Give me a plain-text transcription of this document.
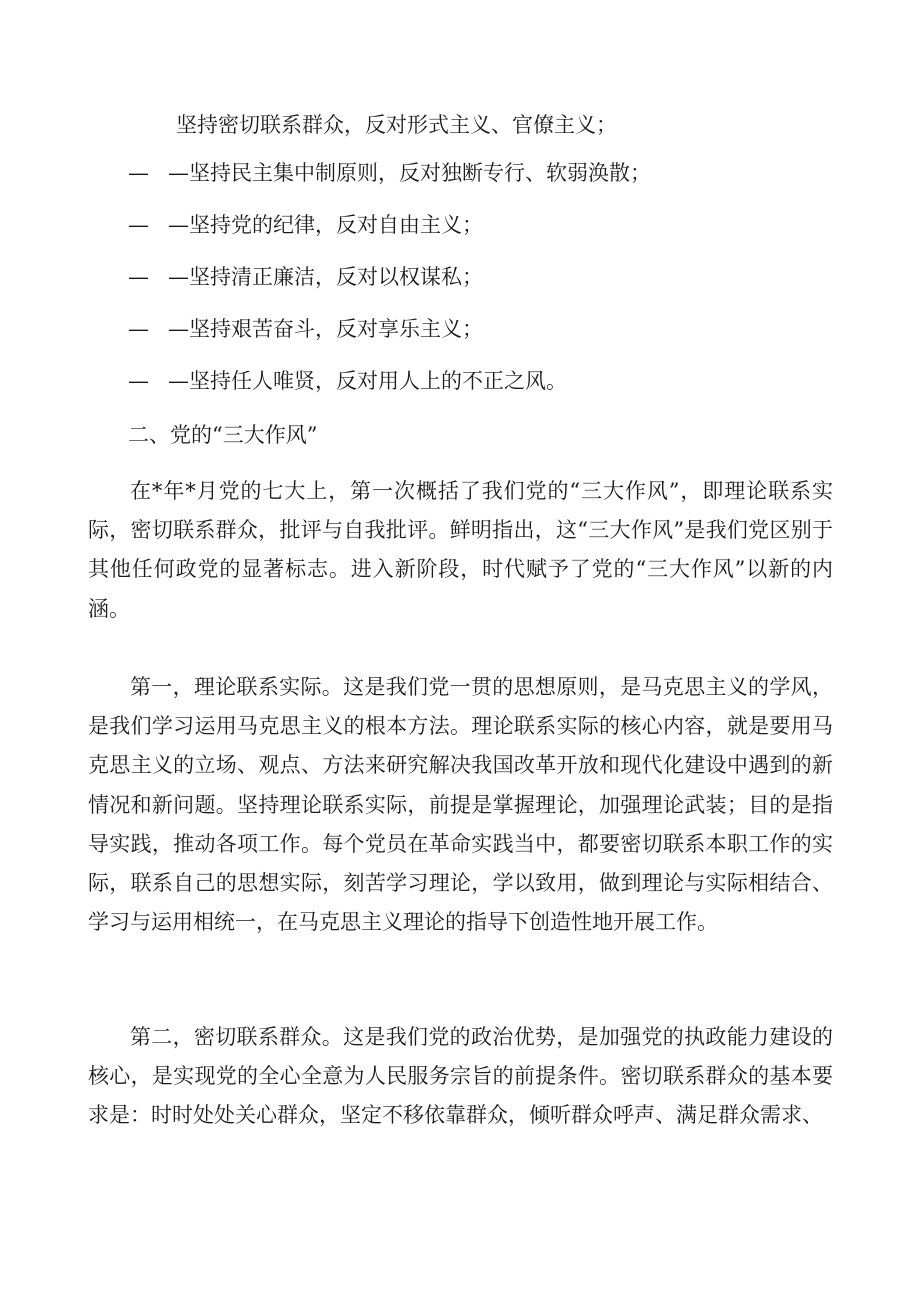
坚持密切联系群众，反对形式主义、官僚主义；
— —坚持民主集中制原则，反对独断专行、软弱涣散；
— —坚持党的纪律，反对自由主义；
— —坚持清正廉洁，反对以权谋私；
— —坚持艰苦奋斗，反对享乐主义；
— —坚持任人唯贤，反对用人上的不正之风。
二、党的“三大作风”

在*年*月党的七大上，第一次概括了我们党的“三大作风”，即理论联系实际，密切联系群众，批评与自我批评。鲜明指出，这“三大作风”是我们党区别于其他任何政党的显著标志。进入新阶段，时代赋予了党的“三大作风”以新的内涵。

第一，理论联系实际。这是我们党一贯的思想原则，是马克思主义的学风，是我们学习运用马克思主义的根本方法。理论联系实际的核心内容，就是要用马克思主义的立场、观点、方法来研究解决我国改革开放和现代化建设中遇到的新情况和新问题。坚持理论联系实际，前提是掌握理论，加强理论武装；目的是指导实践，推动各项工作。每个党员在革命实践当中，都要密切联系本职工作的实际，联系自己的思想实际，刻苦学习理论，学以致用，做到理论与实际相结合、学习与运用相统一，在马克思主义理论的指导下创造性地开展工作。

第二，密切联系群众。这是我们党的政治优势，是加强党的执政能力建设的核心，是实现党的全心全意为人民服务宗旨的前提条件。密切联系群众的基本要求是：时时处处关心群众，坚定不移依靠群众，倾听群众呼声、满足群众需求、
